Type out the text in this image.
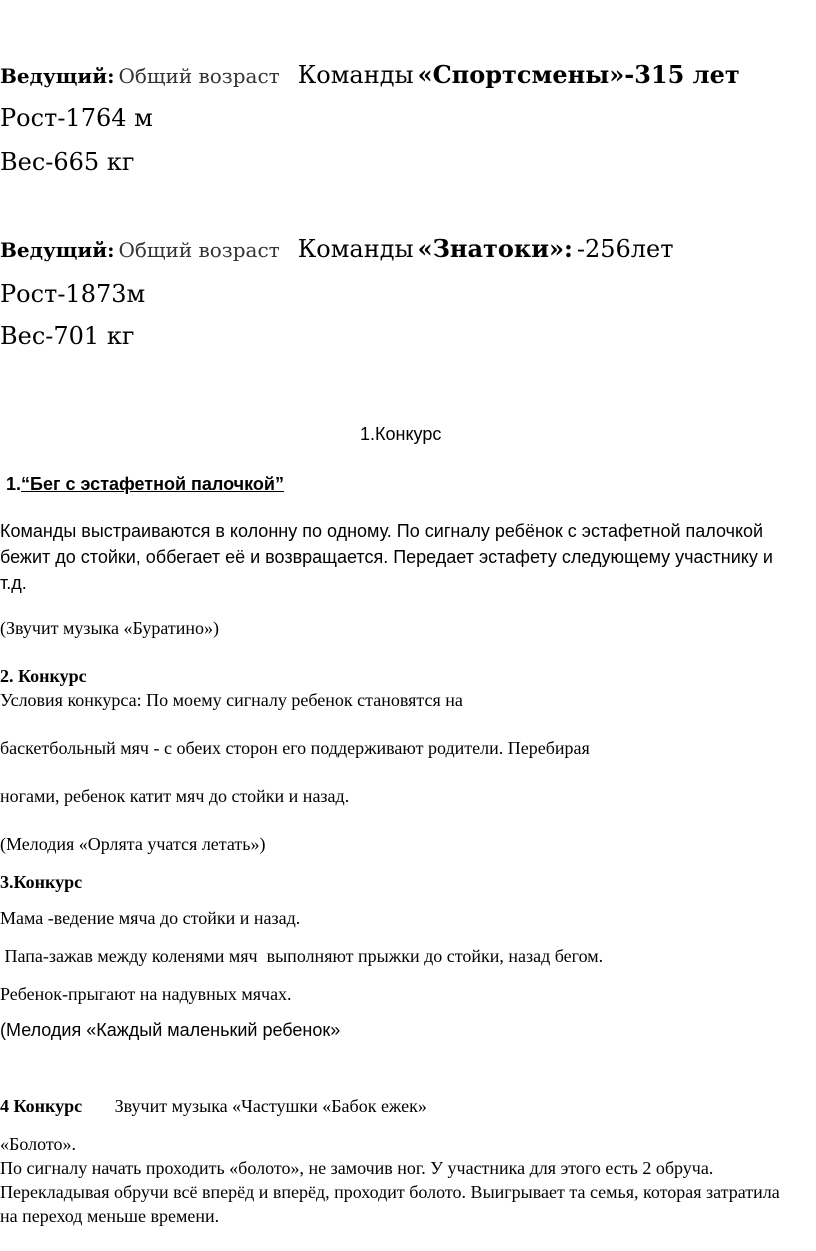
Ведущий: Общий возраст Команды «Спортсмены»-315 лет
Рост-1764 м
Вес-665 кг
Ведущий: Общий возраст Команды «Знатоки»: -256лет
Рост-1873м
Вес-701 кг
1.Конкурс
1.“Бег с эстафетной палочкой”
Команды выстраиваются в колонну по одному. По сигналу ребёнок с эстафетной палочкой бежит до стойки, оббегает её и возвращается. Передает эстафету следующему участнику и т.д.
(Звучит музыка «Буратино»)
2. Конкурс
Условия конкурса: По моему сигналу ребенок становятся на
баскетбольный мяч - с обеих сторон его поддерживают родители. Перебирая
ногами, ребенок катит мяч до стойки и назад.
(Мелодия «Орлята учатся летать»)
3.Конкурс
Мама -ведение мяча до стойки и назад.
Папа-зажав между коленями мяч  выполняют прыжки до стойки, назад бегом.
Ребенок-прыгают на надувных мячах.
(Мелодия «Каждый маленький ребенок»
4 Конкурс Звучит музыка «Частушки «Бабок ежек»
«Болото».
По сигналу начать проходить «болото», не замочив ног. У участника для этого есть 2 обруча. Перекладывая обручи всё вперёд и вперёд, проходит болото. Выигрывает та семья, которая затратила на переход меньше времени.
